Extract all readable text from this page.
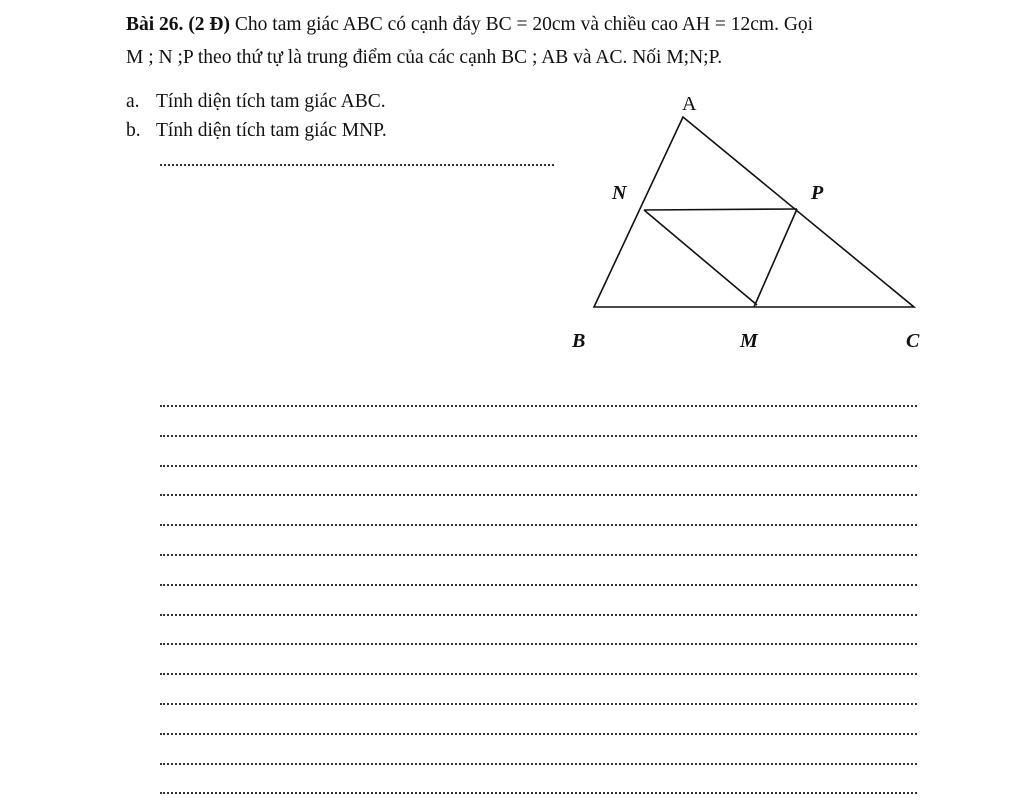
Bài 26. (2 Đ) Cho tam giác ABC có cạnh đáy BC = 20cm và chiều cao AH = 12cm. Gọi
M ; N ;P theo thứ tự là trung điểm của các cạnh BC ; AB và AC. Nối M;N;P.
a. Tính diện tích tam giác ABC.
b. Tính diện tích tam giác MNP.
A
N	P
B	M	C
